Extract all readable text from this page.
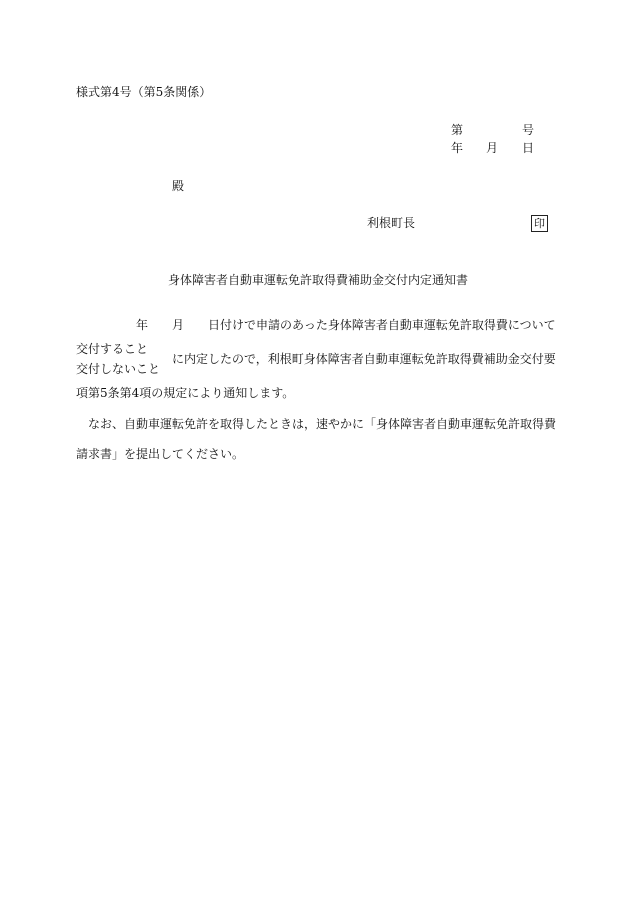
様式第4号（第5条関係）
第	号
年 月 日
殿
利根町長	印
身体障害者自動車運転免許取得費補助金交付内定通知書
年 月 日付けで申請のあった身体障害者自動車運転免許取得費について
交付すること
に内定したので，利根町身体障害者自動車運転免許取得費補助金交付要
交付しないこと
項第5条第4項の規定により通知します。
なお、自動車運転免許を取得したときは，速やかに「身体障害者自動車運転免許取得費
請求書」を提出してください。
